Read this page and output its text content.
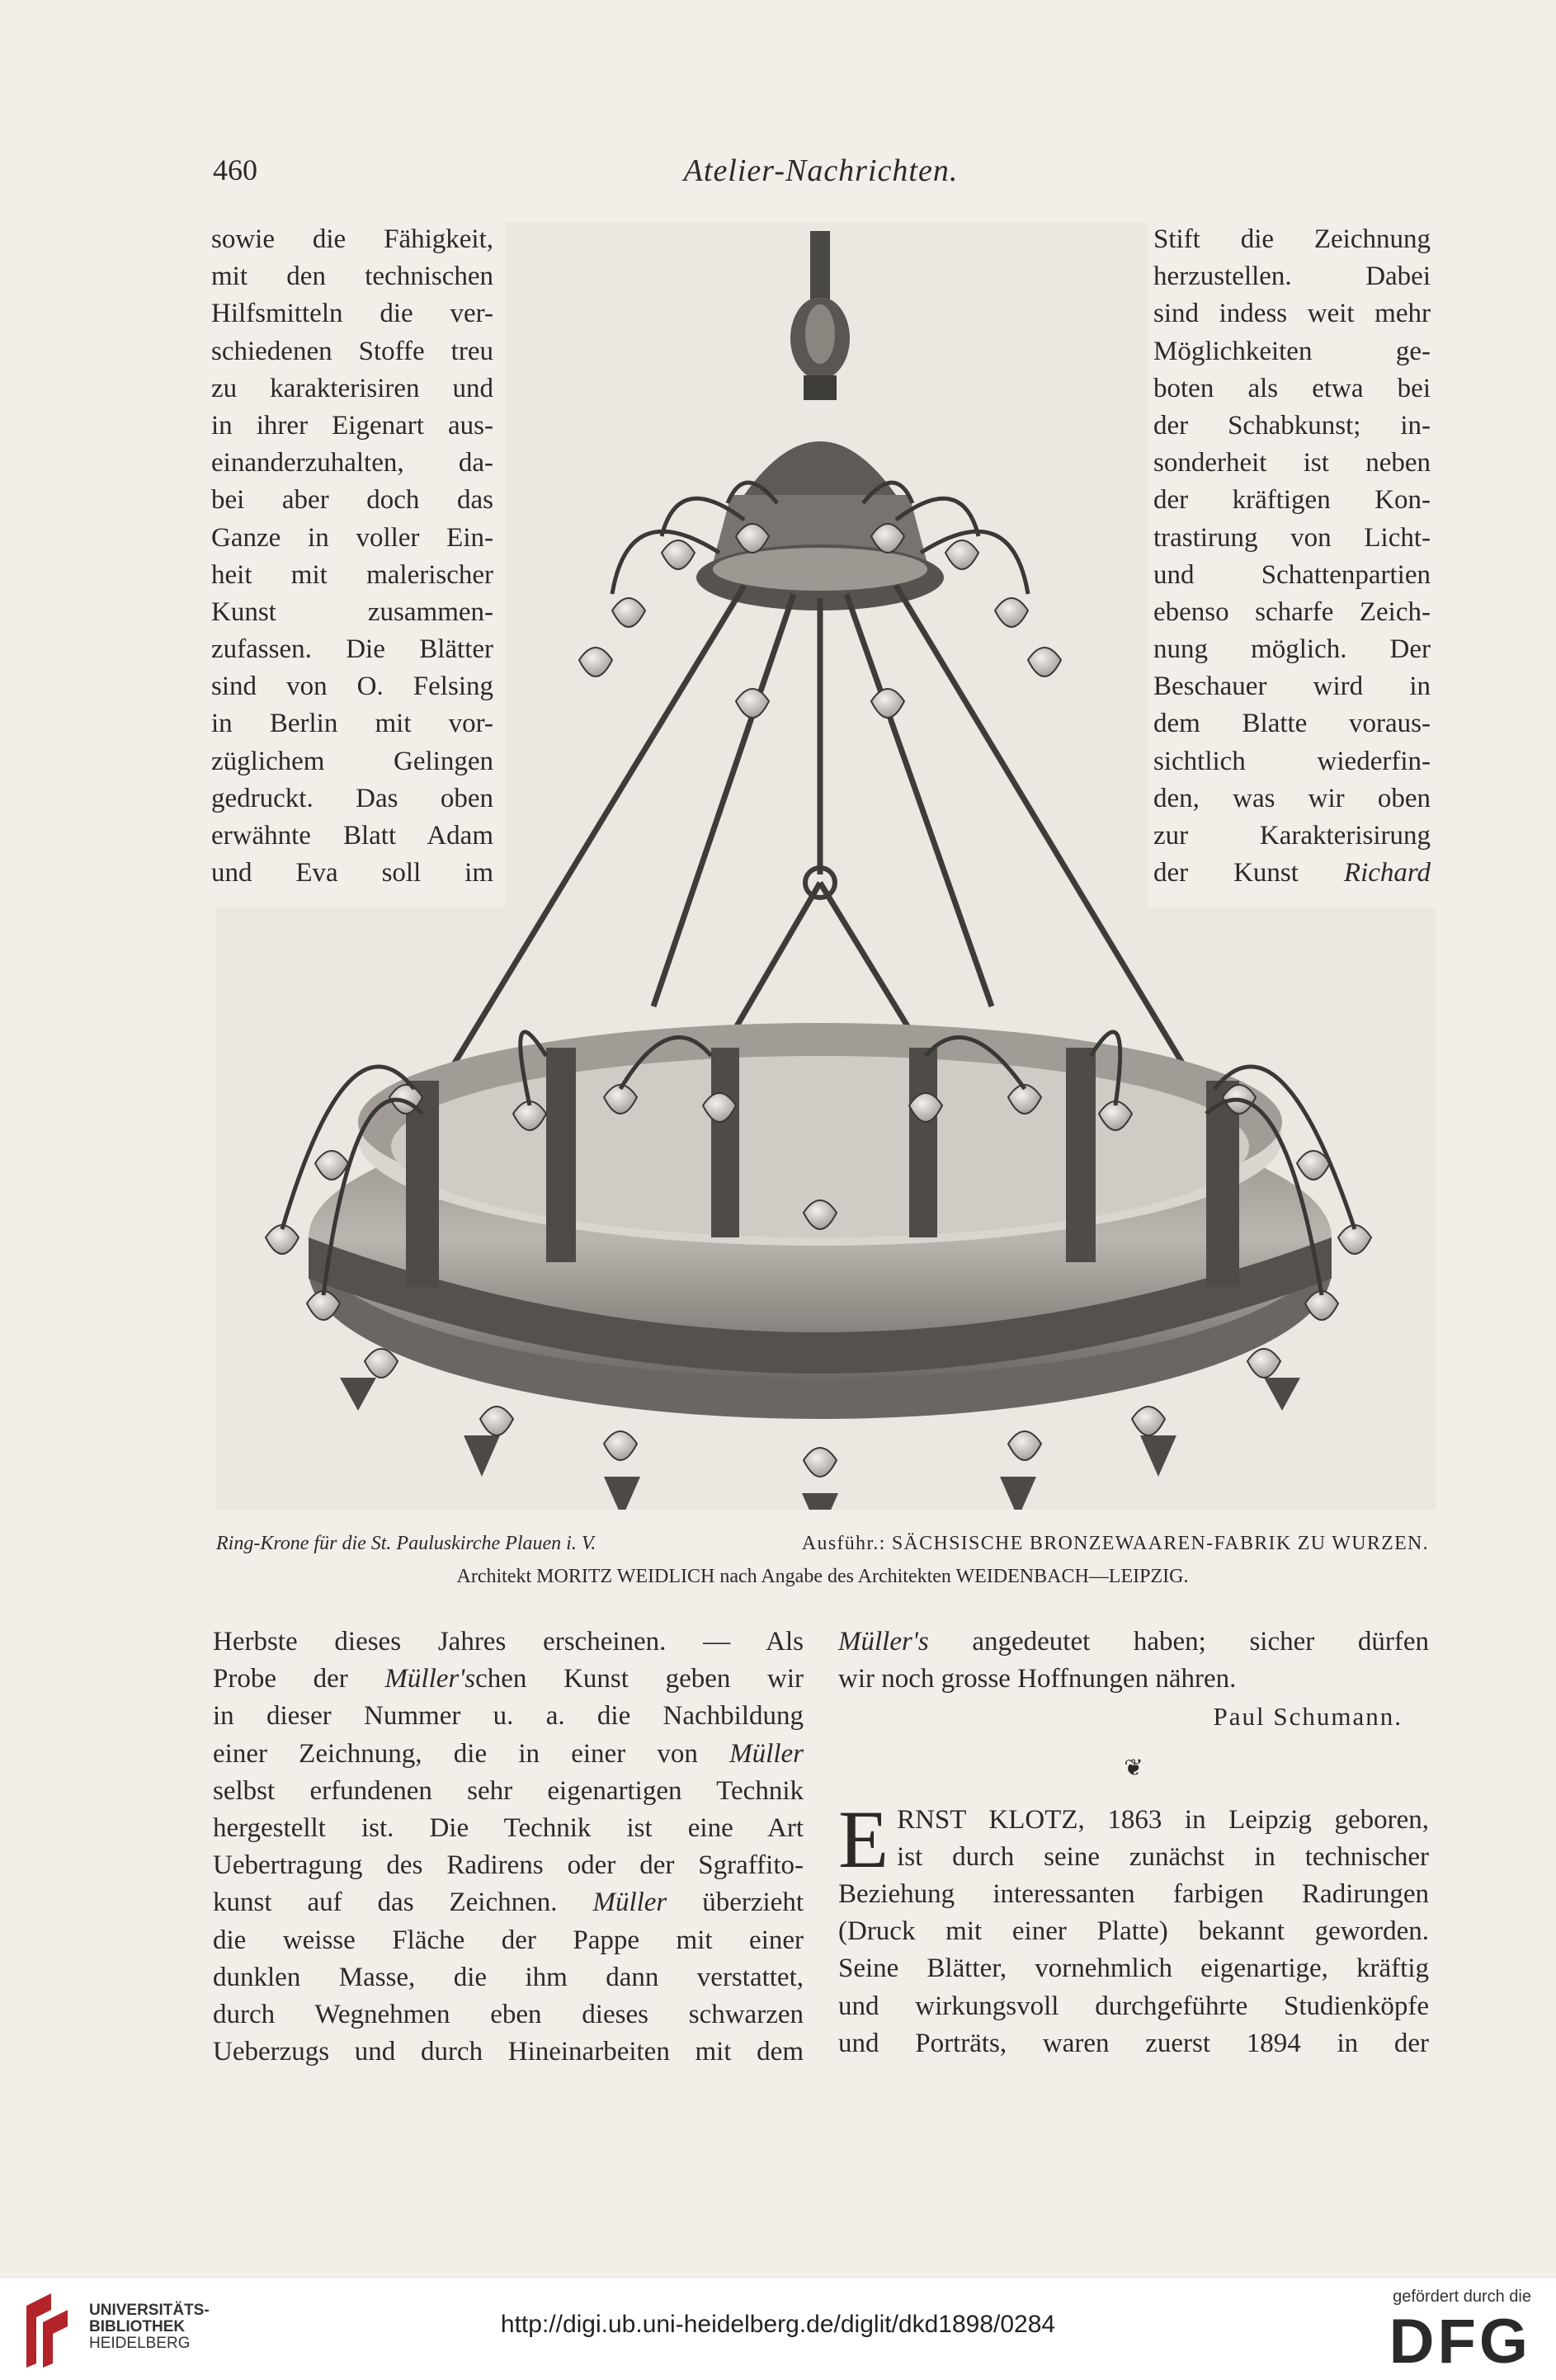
460	Atelier-Nachrichten.
sowie die Fähigkeit,
mit den technischen
Hilfsmitteln die ver-
schiedenen Stoffe treu
zu karakterisiren und
in ihrer Eigenart aus-
einanderzuhalten, da-
bei aber doch das
Ganze in voller Ein-
heit mit malerischer
Kunst zusammen-
zufassen. Die Blätter
sind von O. Felsing
in Berlin mit vor-
züglichem Gelingen
gedruckt. Das oben
erwähnte Blatt Adam
und Eva soll im
Stift die Zeichnung
herzustellen. Dabei
sind indess weit mehr
Möglichkeiten ge-
boten als etwa bei
der Schabkunst; in-
sonderheit ist neben
der kräftigen Kon-
trastirung von Licht-
und Schattenpartien
ebenso scharfe Zeich-
nung möglich. Der
Beschauer wird in
dem Blatte voraus-
sichtlich wiederfin-
den, was wir oben
zur Karakterisirung
der Kunst Richard
Ring-Krone für die St. Pauluskirche Plauen i. V.	Ausführ.: SÄCHSISCHE BRONZEWAAREN-FABRIK ZU WURZEN.
Architekt MORITZ WEIDLICH nach Angabe des Architekten WEIDENBACH—LEIPZIG.
Herbste dieses Jahres erscheinen. — Als
Probe der Müller'schen Kunst geben wir
in dieser Nummer u. a. die Nachbildung
einer Zeichnung, die in einer von Müller
selbst erfundenen sehr eigenartigen Technik
hergestellt ist. Die Technik ist eine Art
Uebertragung des Radirens oder der Sgraffito-
kunst auf das Zeichnen. Müller überzieht
die weisse Fläche der Pappe mit einer
dunklen Masse, die ihm dann verstattet,
durch Wegnehmen eben dieses schwarzen
Ueberzugs und durch Hineinarbeiten mit dem
Müller's angedeutet haben; sicher dürfen
wir noch grosse Hoffnungen nähren.
Paul Schumann.
❦
E RNST KLOTZ, 1863 in Leipzig geboren,
ist durch seine zunächst in technischer
Beziehung interessanten farbigen Radirungen
(Druck mit einer Platte) bekannt geworden.
Seine Blätter, vornehmlich eigenartige, kräftig
und wirkungsvoll durchgeführte Studienköpfe
und Porträts, waren zuerst 1894 in der
UNIVERSITÄTS-
BIBLIOTHEK
HEIDELBERG
http://digi.ub.uni-heidelberg.de/diglit/dkd1898/0284
gefördert durch die
DFG
